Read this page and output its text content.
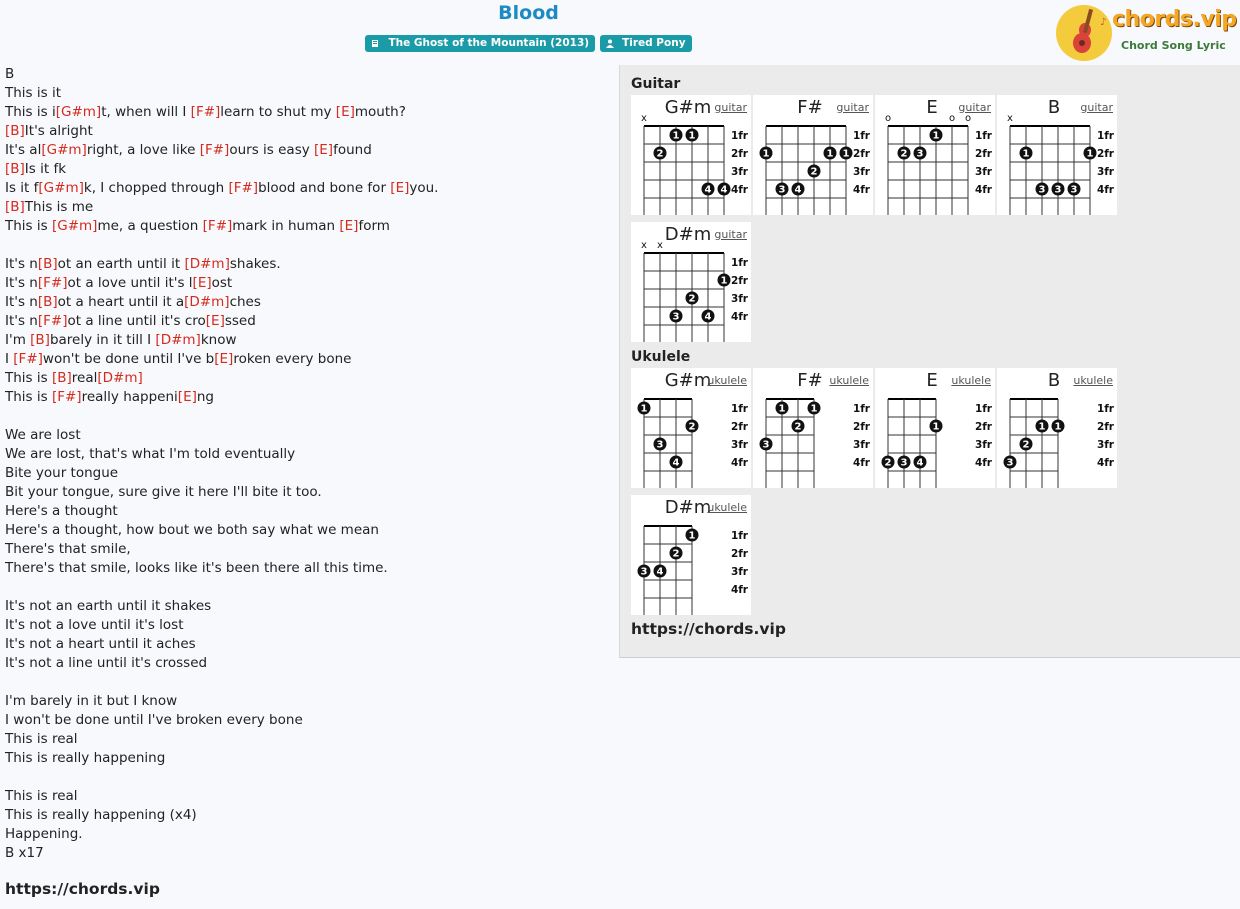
Blood
The Ghost of the Mountain (2013)	Tired Pony
♪ chords.vip
Chord Song Lyric
B
This is it
This is i[G#m]t, when will I [F#]learn to shut my [E]mouth?
[B]It's alright
It's al[G#m]right, a love like [F#]ours is easy [E]found
[B]Is it fk
Is it f[G#m]k, I chopped through [F#]blood and bone for [E]you.
[B]This is me
This is [G#m]me, a question [F#]mark in human [E]form
It's n[B]ot an earth until it [D#m]shakes.
It's n[F#]ot a love until it's l[E]ost
It's n[B]ot a heart until it a[D#m]ches
It's n[F#]ot a line until it's cro[E]ssed
I'm [B]barely in it till I [D#m]know
I [F#]won't be done until I've b[E]roken every bone
This is [B]real[D#m]
This is [F#]really happeni[E]ng
We are lost
We are lost, that's what I'm told eventually
Bite your tongue
Bit your tongue, sure give it here I'll bite it too.
Here's a thought
Here's a thought, how bout we both say what we mean
There's that smile,
There's that smile, looks like it's been there all this time.
It's not an earth until it shakes
It's not a love until it's lost
It's not a heart until it aches
It's not a line until it's crossed
I'm barely in it but I know
I won't be done until I've broken every bone
This is real
This is really happening
This is real
This is really happening (x4)
Happening.
B x17
https://chords.vip
Guitar
G#m guitar
1fr
2fr
3fr
4fr
x
1 1
2
4 4
F#	guitar
1fr
2fr
3fr
4fr
1	1 1
2
3 4
E	guitar
1fr
2fr
3fr
4fr
o	o o
1
2 3
B	guitar
1fr
2fr
3fr
4fr
x
1	1
3 3 3
D#m guitar
1fr
2fr
3fr
4fr
x x
1
2
3	4
Ukulele
G#m
ukulele
1fr
2fr
3fr
4fr
1
2
3
4
F# ukulele
1fr
2fr
3fr
4fr
1	1
2
3
E	ukulele
1fr
2fr
3fr
4fr
1
2 3 4
B	ukulele
1fr
2fr
3fr
4fr
1 1
2
3
D#m
ukulele
1fr
2fr
3fr
4fr
1
2
3 4
https://chords.vip
